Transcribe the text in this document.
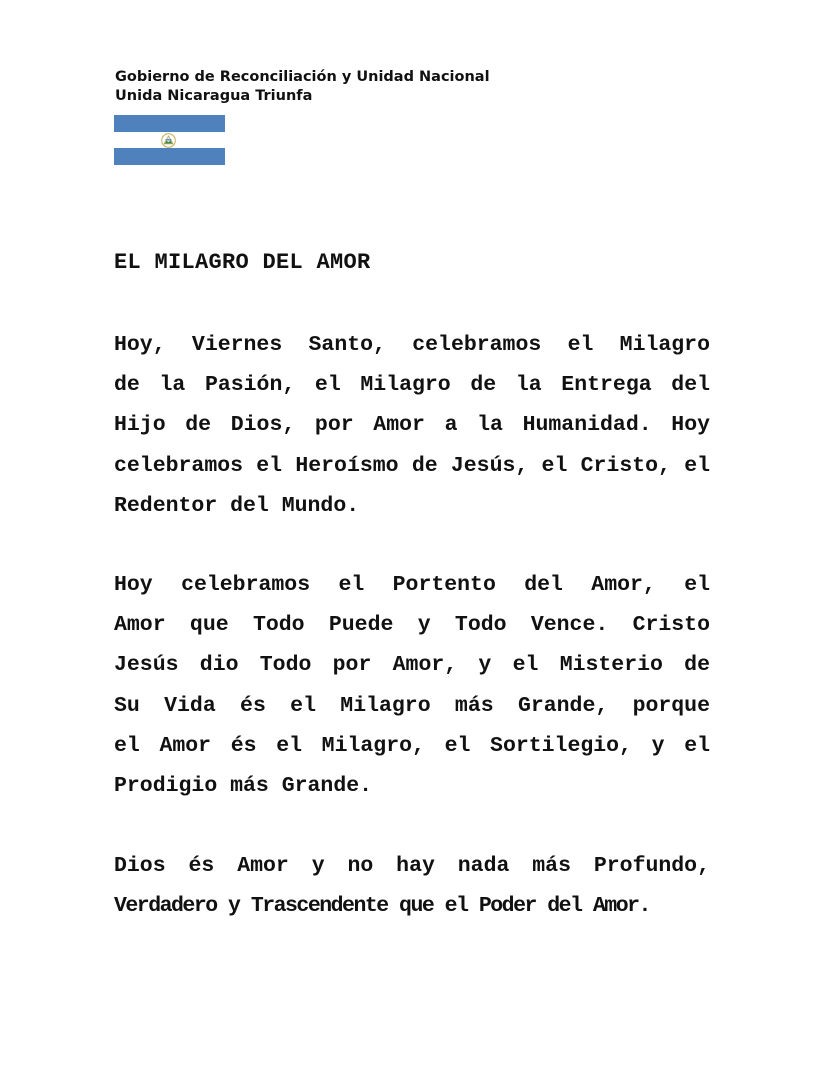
Gobierno de Reconciliación y Unidad Nacional
Unida Nicaragua Triunfa
EL MILAGRO DEL AMOR
Hoy, Viernes Santo, celebramos el Milagro
de la Pasión, el Milagro de la Entrega del
Hijo de Dios, por Amor a la Humanidad. Hoy
celebramos el Heroísmo de Jesús, el Cristo, el
Redentor del Mundo.
Hoy celebramos el Portento del Amor, el
Amor que Todo Puede y Todo Vence. Cristo
Jesús dio Todo por Amor, y el Misterio de
Su Vida és el Milagro más Grande, porque
el Amor és el Milagro, el Sortilegio, y el
Prodigio más Grande.
Dios és Amor y no hay nada más Profundo,
Verdadero y Trascendente que el Poder del Amor.
